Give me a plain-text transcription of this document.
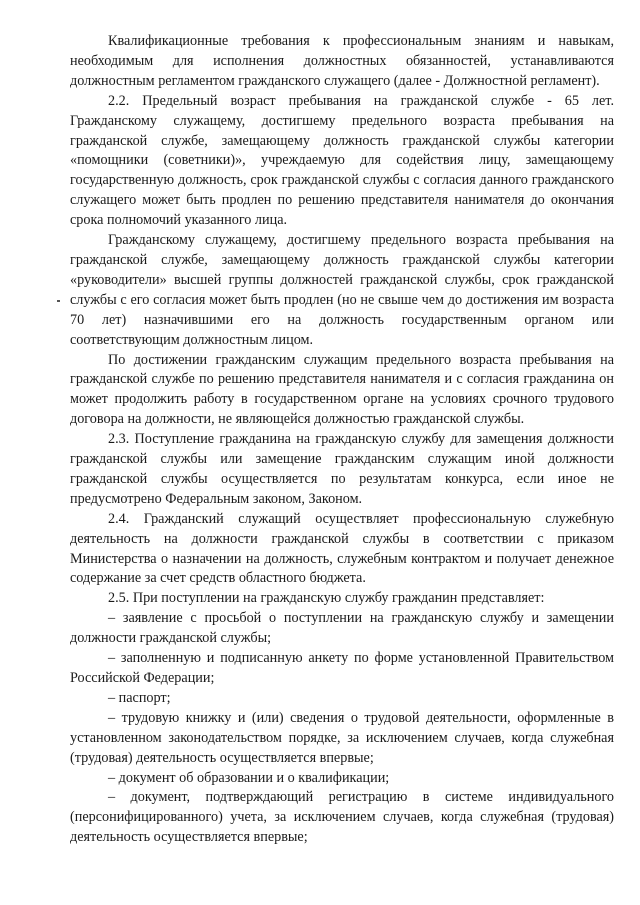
Квалификационные требования к профессиональным знаниям и навыкам, необходимым для исполнения должностных обязанностей, устанавливаются должностным регламентом гражданского служащего (далее - Должностной регламент).

2.2. Предельный возраст пребывания на гражданской службе - 65 лет. Гражданскому служащему, достигшему предельного возраста пребывания на гражданской службе, замещающему должность гражданской службы категории «помощники (советники)», учреждаемую для содействия лицу, замещающему государственную должность, срок гражданской службы с согласия данного гражданского служащего может быть продлен по решению представителя нанимателя до окончания срока полномочий указанного лица.

Гражданскому служащему, достигшему предельного возраста пребывания на гражданской службе, замещающему должность гражданской службы категории «руководители» высшей группы должностей гражданской службы, срок гражданской службы с его согласия может быть продлен (но не свыше чем до достижения им возраста 70 лет) назначившими его на должность государственным органом или соответствующим должностным лицом.

По достижении гражданским служащим предельного возраста пребывания на гражданской службе по решению представителя нанимателя и с согласия гражданина он может продолжить работу в государственном органе на условиях срочного трудового договора на должности, не являющейся должностью гражданской службы.

2.3. Поступление гражданина на гражданскую службу для замещения должности гражданской службы или замещение гражданским служащим иной должности гражданской службы осуществляется по результатам конкурса, если иное не предусмотрено Федеральным законом, Законом.

2.4. Гражданский служащий осуществляет профессиональную служебную деятельность на должности гражданской службы в соответствии с приказом Министерства о назначении на должность, служебным контрактом и получает денежное содержание за счет средств областного бюджета.

2.5. При поступлении на гражданскую службу гражданин представляет:

– заявление с просьбой о поступлении на гражданскую службу и замещении должности гражданской службы;

– заполненную и подписанную анкету по форме установленной Правительством Российской Федерации;

– паспорт;

– трудовую книжку и (или) сведения о трудовой деятельности, оформленные в установленном законодательством порядке, за исключением случаев, когда служебная (трудовая) деятельность осуществляется впервые;

– документ об образовании и о квалификации;

– документ, подтверждающий регистрацию в системе индивидуального (персонифицированного) учета, за исключением случаев, когда служебная (трудовая) деятельность осуществляется впервые;
